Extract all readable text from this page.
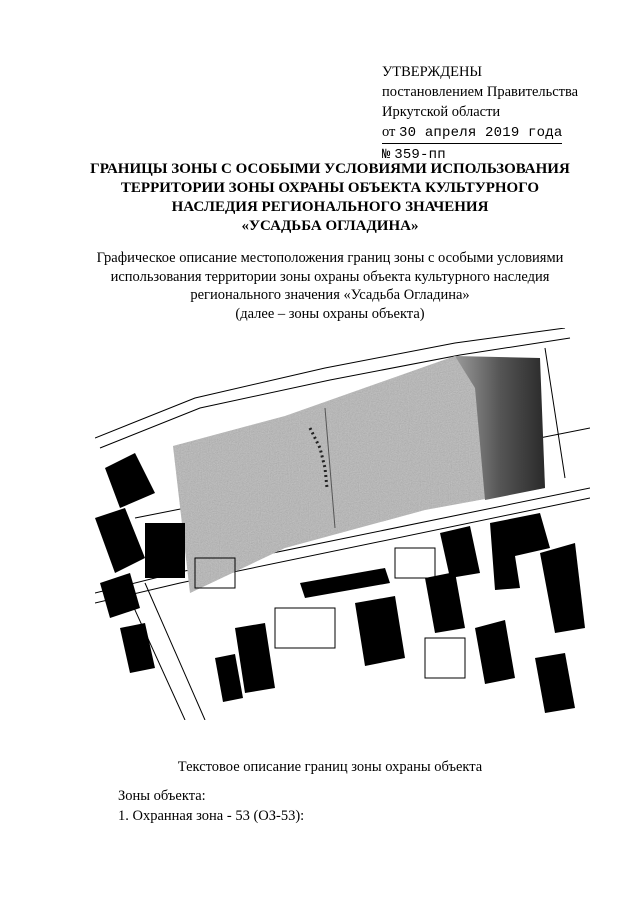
УТВЕРЖДЕНЫ
постановлением Правительства
Иркутской области
от 30 апреля 2019 года
№ 359-пп
ГРАНИЦЫ ЗОНЫ С ОСОБЫМИ УСЛОВИЯМИ ИСПОЛЬЗОВАНИЯ
ТЕРРИТОРИИ ЗОНЫ ОХРАНЫ ОБЪЕКТА КУЛЬТУРНОГО
НАСЛЕДИЯ РЕГИОНАЛЬНОГО ЗНАЧЕНИЯ
«УСАДЬБА ОГЛАДИНА»
Графическое описание местоположения границ зоны с особыми условиями
использования территории зоны охраны объекта культурного наследия
регионального значения «Усадьба Огладина»
(далее – зоны охраны объекта)
Текстовое описание границ зоны охраны объекта
Зоны объекта:
1. Охранная зона - 53 (ОЗ-53):
